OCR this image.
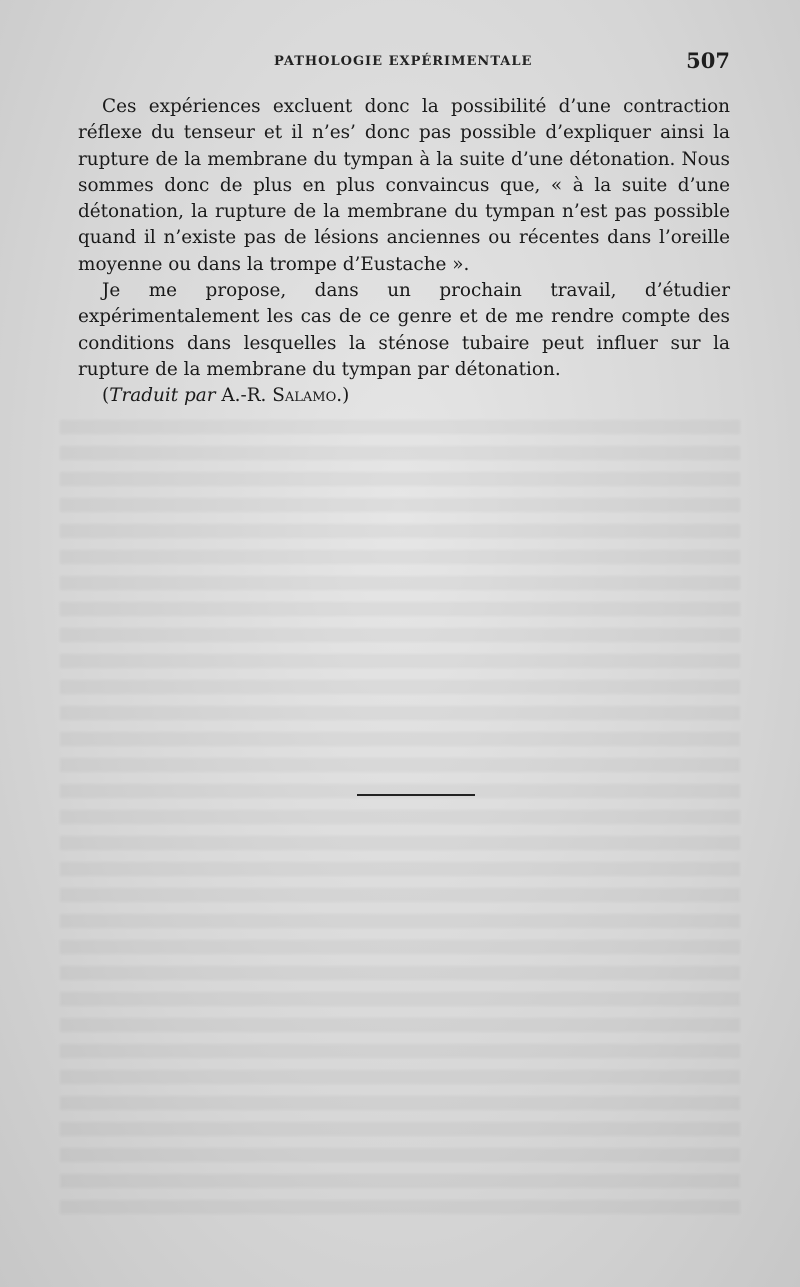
PATHOLOGIE EXPÉRIMENTALE	507

Ces expériences excluent donc la possibilité d’une contraction réflexe du tenseur et il n’es’ donc pas possible d’expliquer ainsi la rupture de la membrane du tympan à la suite d’une détonation. Nous sommes donc de plus en plus convaincus que, « à la suite d’une détonation, la rupture de la membrane du tympan n’est pas possible quand il n’existe pas de lésions anciennes ou récentes dans l’oreille moyenne ou dans la trompe d’Eustache ».

Je me propose, dans un prochain travail, d’étudier expérimentalement les cas de ce genre et de me rendre compte des conditions dans lesquelles la sténose tubaire peut influer sur la rupture de la membrane du tympan par détonation.

(Traduit par A.-R. Salamo.)
